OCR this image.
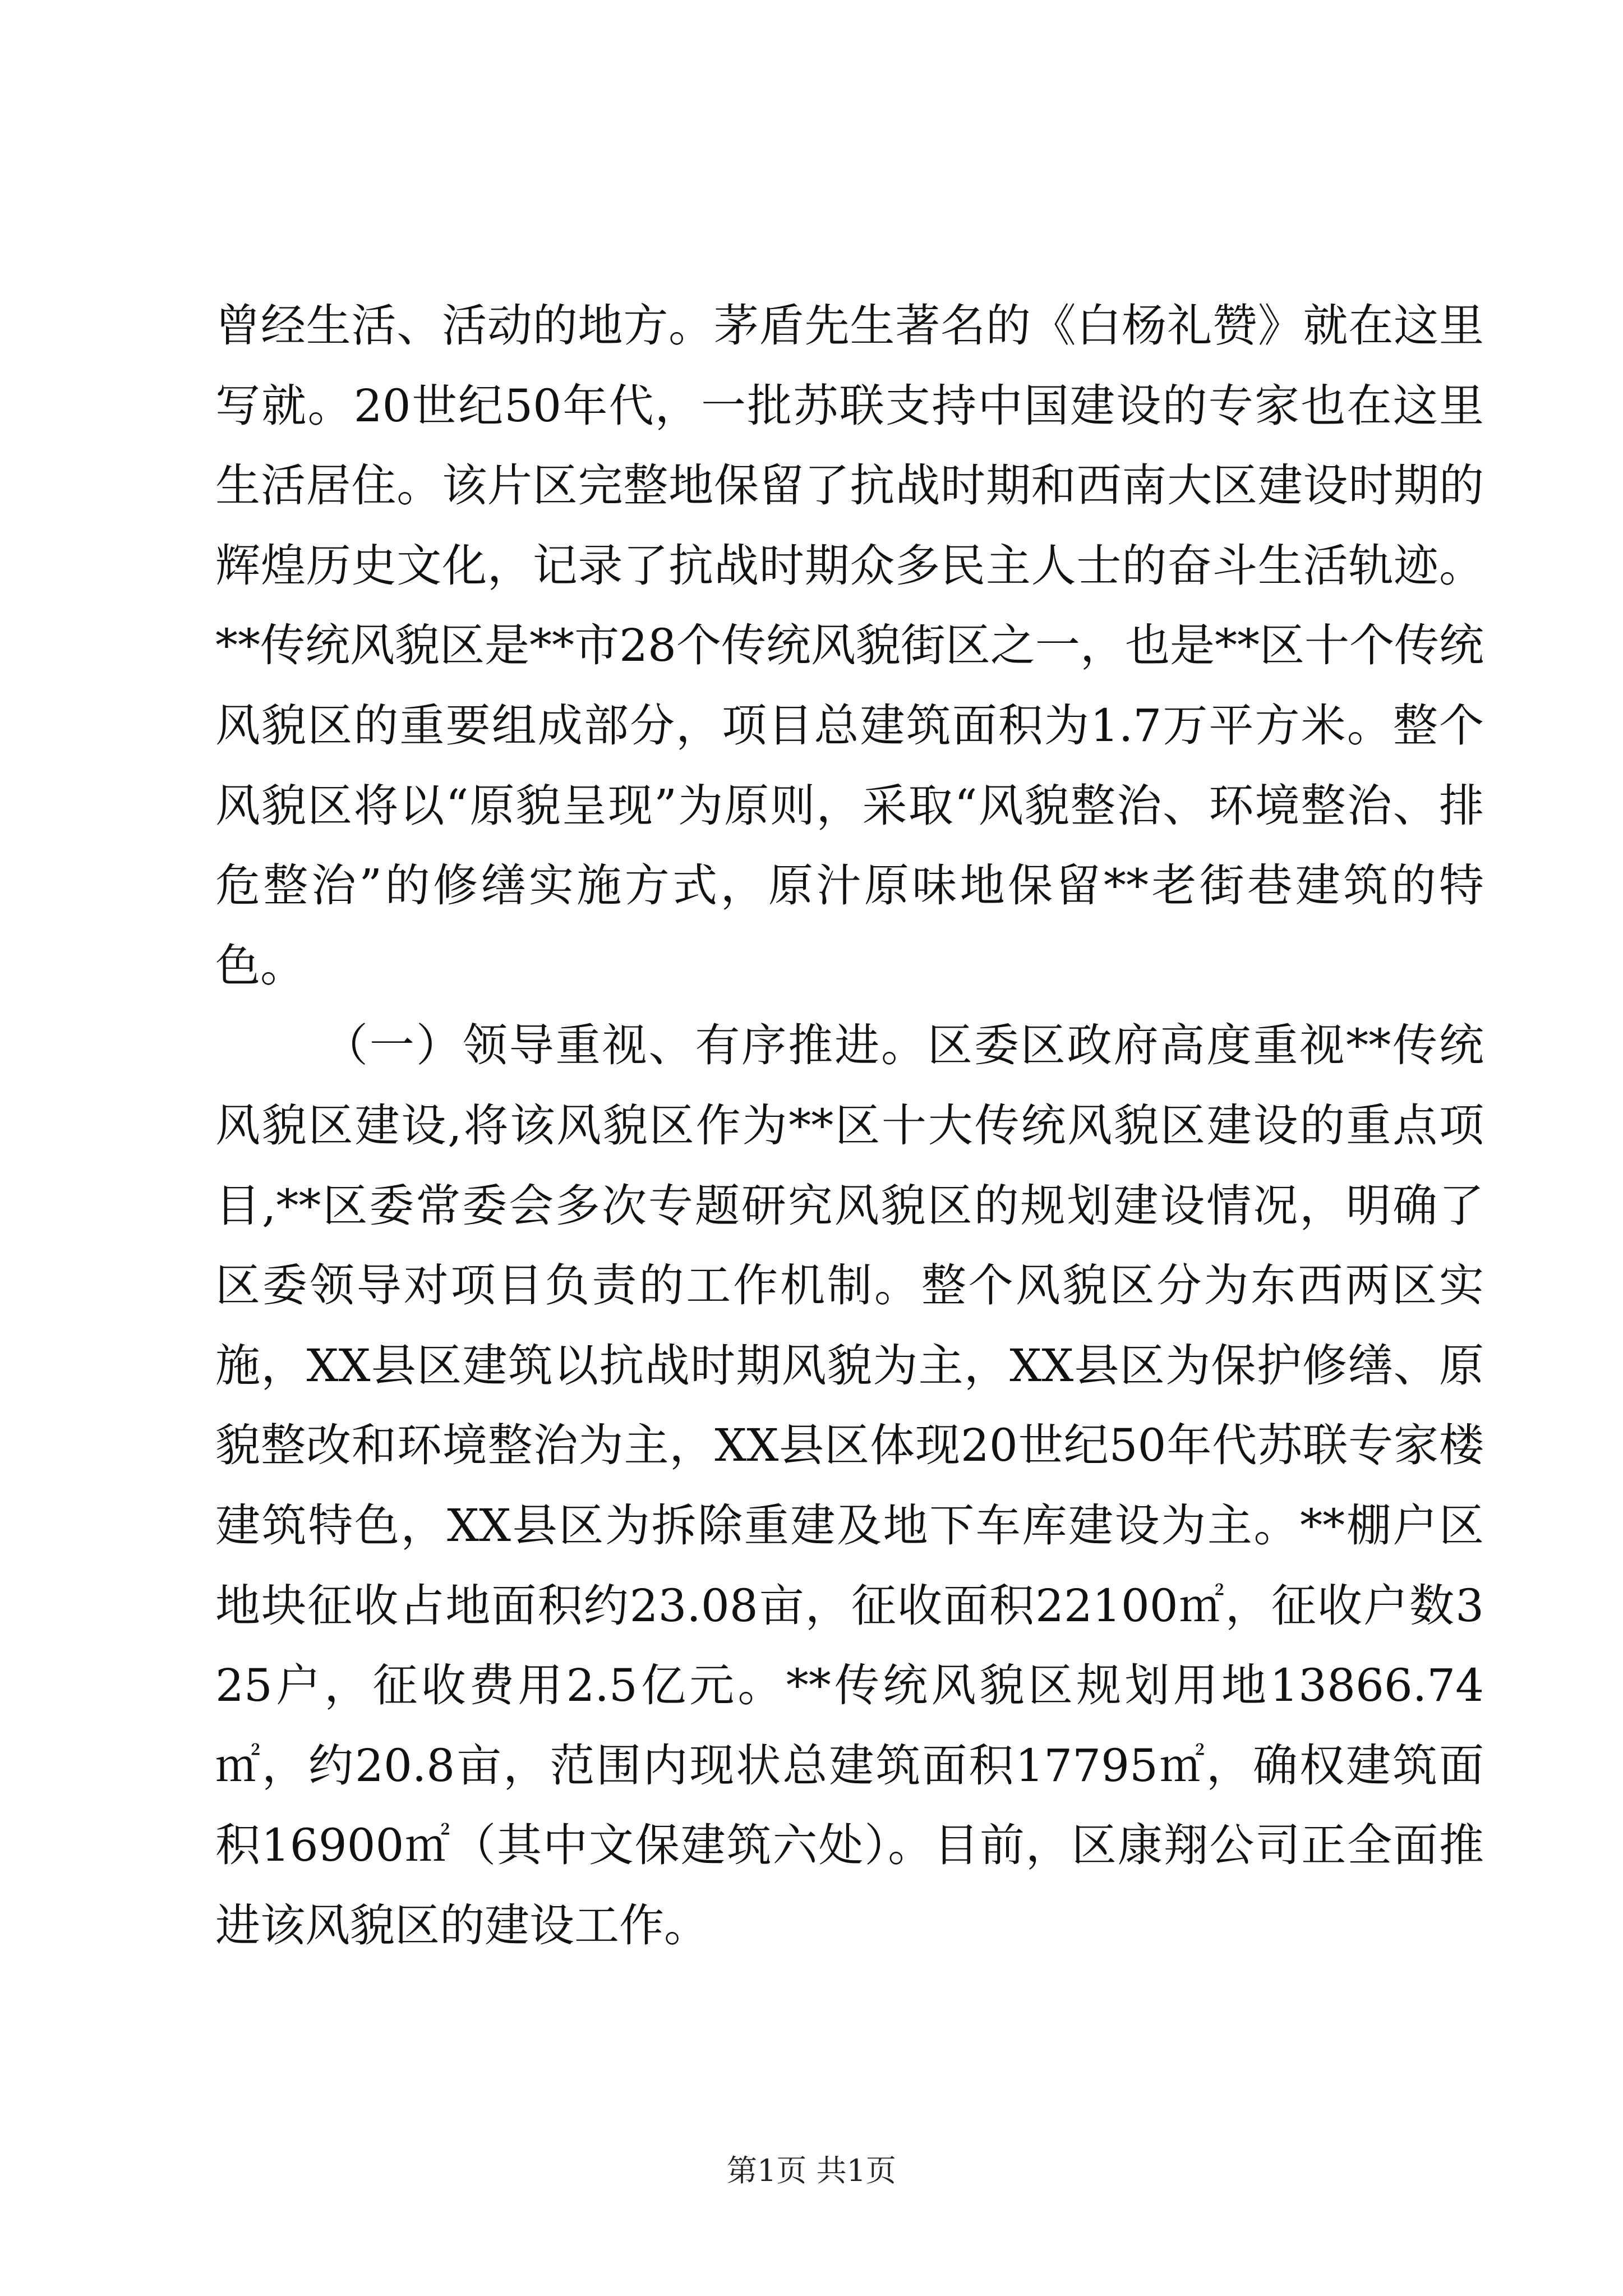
曾经生活、活动的地方。茅盾先生著名的《白杨礼赞》就在这里写就。20世纪50年代，一批苏联支持中国建设的专家也在这里生活居住。该片区完整地保留了抗战时期和西南大区建设时期的辉煌历史文化，记录了抗战时期众多民主人士的奋斗生活轨迹。**传统风貌区是**市28个传统风貌街区之一，也是**区十个传统风貌区的重要组成部分，项目总建筑面积为1.7万平方米。整个风貌区将以“原貌呈现”为原则，采取“风貌整治、环境整治、排危整治”的修缮实施方式，原汁原味地保留**老街巷建筑的特色。

（一）领导重视、有序推进。区委区政府高度重视**传统风貌区建设,将该风貌区作为**区十大传统风貌区建设的重点项目,**区委常委会多次专题研究风貌区的规划建设情况，明确了区委领导对项目负责的工作机制。整个风貌区分为东西两区实施，XX县区建筑以抗战时期风貌为主，XX县区为保护修缮、原貌整改和环境整治为主，XX县区体现20世纪50年代苏联专家楼建筑特色，XX县区为拆除重建及地下车库建设为主。**棚户区地块征收占地面积约23.08亩，征收面积22100㎡，征收户数325户，征收费用2.5亿元。**传统风貌区规划用地13866.74㎡，约20.8亩，范围内现状总建筑面积17795㎡，确权建筑面积16900㎡（其中文保建筑六处）。目前，区康翔公司正全面推进该风貌区的建设工作。

第1页 共1页
